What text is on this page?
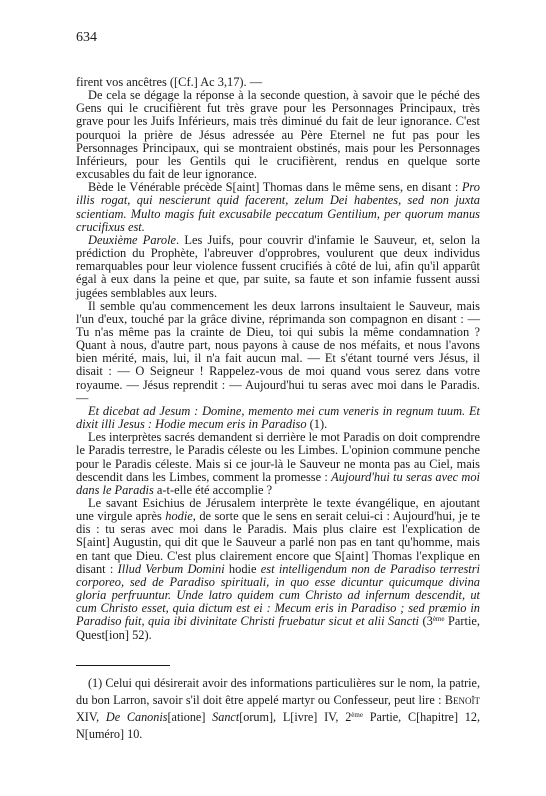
634

firent vos ancêtres ([Cf.] Ac 3,17). —

De cela se dégage la réponse à la seconde question, à savoir que le péché des Gens qui le crucifièrent fut très grave pour les Personnages Principaux, très grave pour les Juifs Inférieurs, mais très diminué du fait de leur ignorance. C'est pourquoi la prière de Jésus adressée au Père Eternel ne fut pas pour les Personnages Principaux, qui se montraient obstinés, mais pour les Personnages Inférieurs, pour les Gentils qui le crucifièrent, rendus en quelque sorte excusables du fait de leur ignorance.

Bède le Vénérable précède S[aint] Thomas dans le même sens, en disant : Pro illis rogat, qui nescierunt quid facerent, zelum Dei habentes, sed non juxta scientiam. Multo magis fuit excusabile peccatum Gentilium, per quorum manus crucifixus est.

Deuxième Parole. Les Juifs, pour couvrir d'infamie le Sauveur, et, selon la prédiction du Prophète, l'abreuver d'opprobres, voulurent que deux individus remarquables pour leur violence fussent crucifiés à côté de lui, afin qu'il apparût égal à eux dans la peine et que, par suite, sa faute et son infamie fussent aussi jugées semblables aux leurs.

Il semble qu'au commencement les deux larrons insultaient le Sauveur, mais l'un d'eux, touché par la grâce divine, réprimanda son compagnon en disant : — Tu n'as même pas la crainte de Dieu, toi qui subis la même condamnation ? Quant à nous, d'autre part, nous payons à cause de nos méfaits, et nous l'avons bien mérité, mais, lui, il n'a fait aucun mal. — Et s'étant tourné vers Jésus, il disait : — O Seigneur ! Rappelez-vous de moi quand vous serez dans votre royaume. — Jésus reprendit : — Aujourd'hui tu seras avec moi dans le Paradis. —

Et dicebat ad Jesum : Domine, memento mei cum veneris in regnum tuum. Et dixit illi Jesus : Hodie mecum eris in Paradiso (1).

Les interprètes sacrés demandent si derrière le mot Paradis on doit comprendre le Paradis terrestre, le Paradis céleste ou les Limbes. L'opinion commune penche pour le Paradis céleste. Mais si ce jour-là le Sauveur ne monta pas au Ciel, mais descendit dans les Limbes, comment la promesse : Aujourd'hui tu seras avec moi dans le Paradis a-t-elle été accomplie ?

Le savant Esichius de Jérusalem interprète le texte évangélique, en ajoutant une virgule après hodie, de sorte que le sens en serait celui-ci : Aujourd'hui, je te dis : tu seras avec moi dans le Paradis. Mais plus claire est l'explication de S[aint] Augustin, qui dit que le Sauveur a parlé non pas en tant qu'homme, mais en tant que Dieu. C'est plus clairement encore que S[aint] Thomas l'explique en disant : Illud Verbum Domini hodie est intelligendum non de Paradiso terrestri corporeo, sed de Paradiso spirituali, in quo esse dicuntur quicumque divina gloria perfruuntur. Unde latro quidem cum Christo ad infernum descendit, ut cum Christo esset, quia dictum est ei : Mecum eris in Paradiso ; sed præmio in Paradiso fuit, quia ibi divinitate Christi fruebatur sicut et alii Sancti (3ème Partie, Quest[ion] 52).

(1) Celui qui désirerait avoir des informations particulières sur le nom, la patrie, du bon Larron, savoir s'il doit être appelé martyr ou Confesseur, peut lire : Benoît XIV, De Canonis[atione] Sanct[orum], L[ivre] IV, 2ème Partie, C[hapitre] 12, N[uméro] 10.
